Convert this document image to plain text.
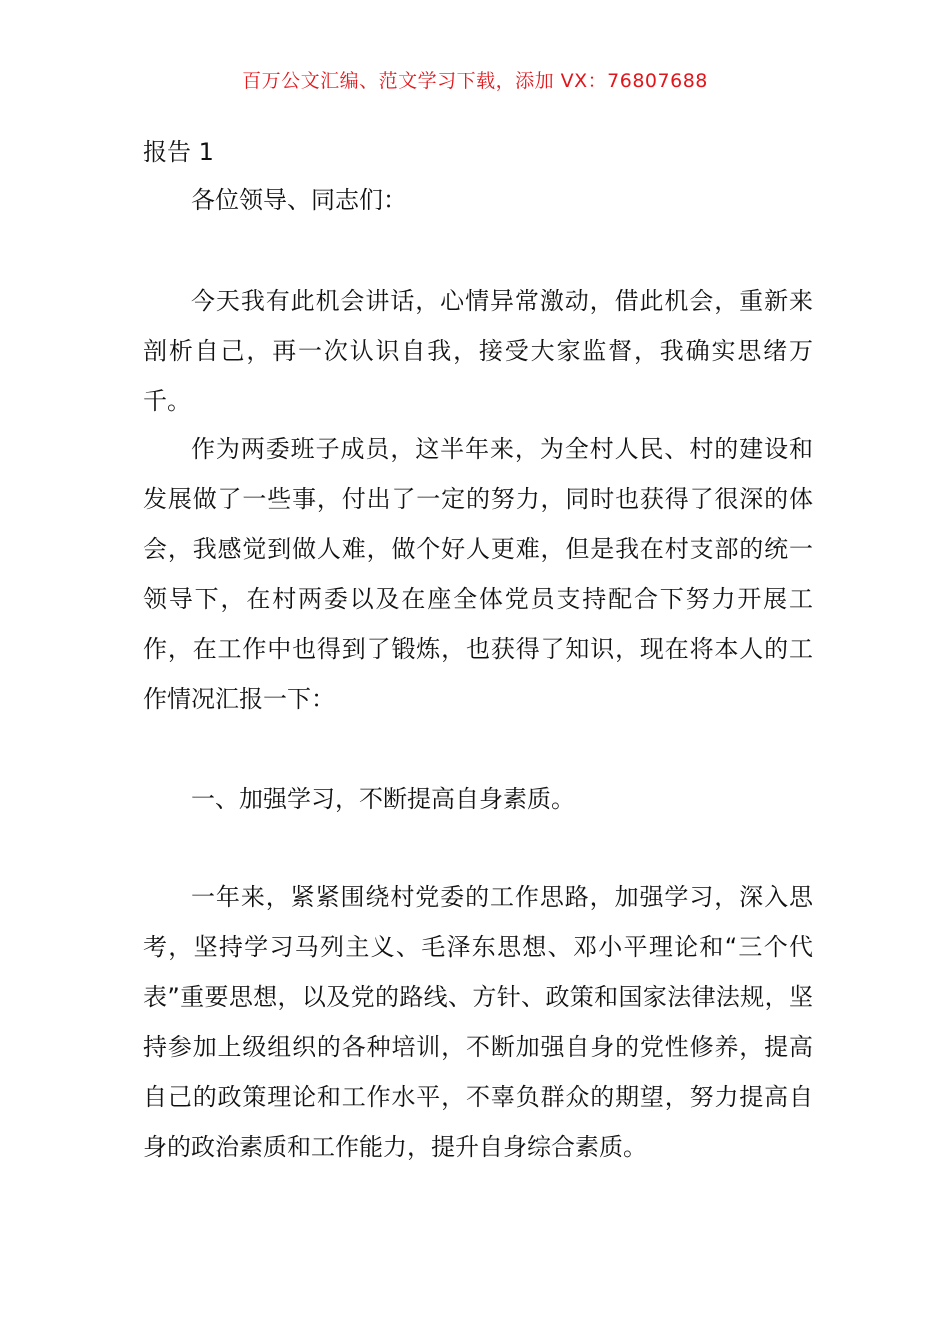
百万公文汇编、范文学习下载，添加 VX：76807688
报告 1

各位领导、同志们：

今天我有此机会讲话，心情异常激动，借此机会，重新来剖析自己，再一次认识自我，接受大家监督，我确实思绪万千。

作为两委班子成员，这半年来，为全村人民、村的建设和发展做了一些事，付出了一定的努力，同时也获得了很深的体会，我感觉到做人难，做个好人更难，但是我在村支部的统一领导下，在村两委以及在座全体党员支持配合下努力开展工作，在工作中也得到了锻炼，也获得了知识，现在将本人的工作情况汇报一下：

一、加强学习，不断提高自身素质。

一年来，紧紧围绕村党委的工作思路，加强学习，深入思考，坚持学习马列主义、毛泽东思想、邓小平理论和“三个代表”重要思想，以及党的路线、方针、政策和国家法律法规，坚持参加上级组织的各种培训，不断加强自身的党性修养，提高自己的政策理论和工作水平，不辜负群众的期望，努力提高自身的政治素质和工作能力，提升自身综合素质。
